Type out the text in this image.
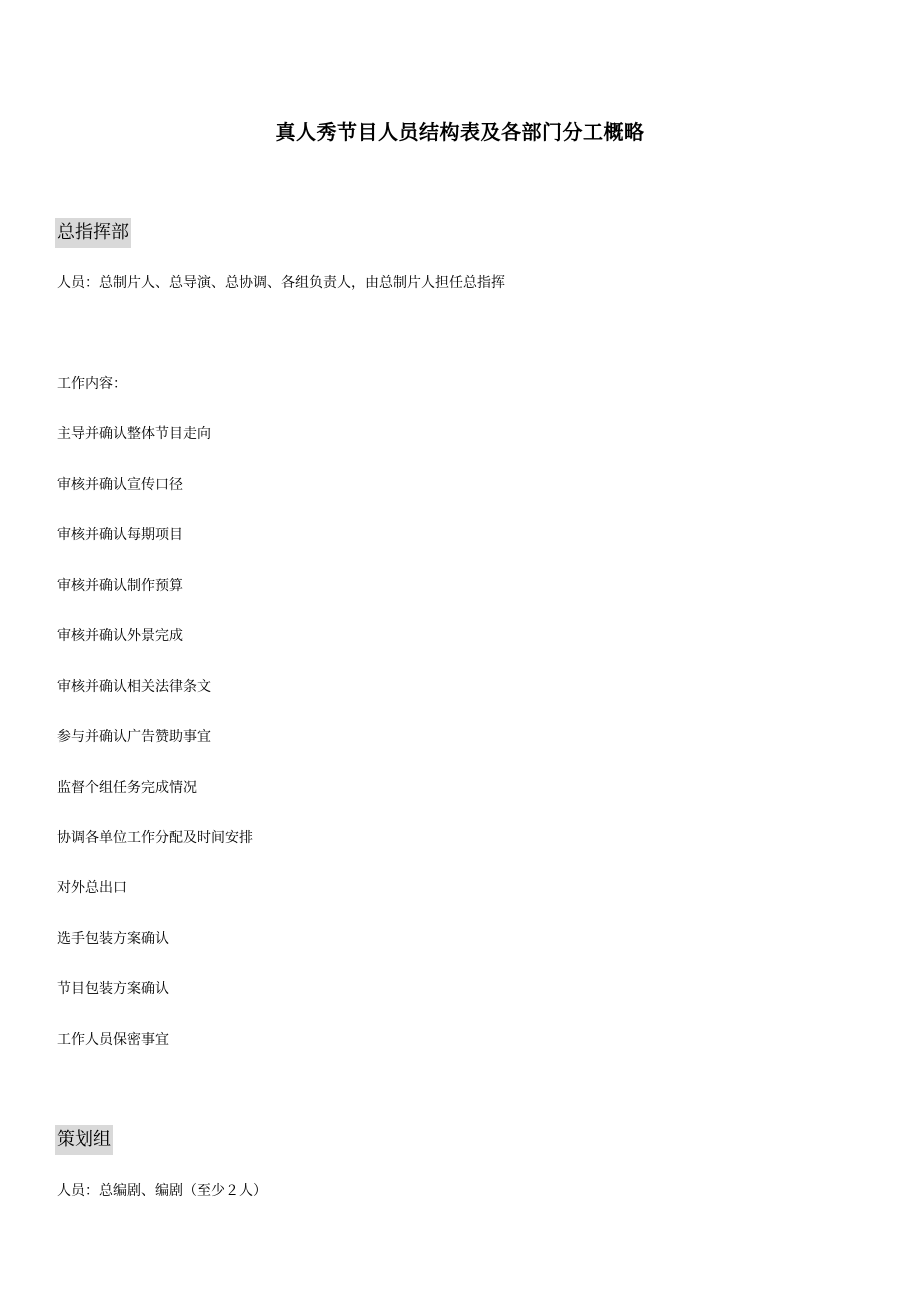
真人秀节目人员结构表及各部门分工概略
总指挥部
人员：总制片人、总导演、总协调、各组负责人，由总制片人担任总指挥
工作内容：
主导并确认整体节目走向
审核并确认宣传口径
审核并确认每期项目
审核并确认制作预算
审核并确认外景完成
审核并确认相关法律条文
参与并确认广告赞助事宜
监督个组任务完成情况
协调各单位工作分配及时间安排
对外总出口
选手包装方案确认
节目包装方案确认
工作人员保密事宜
策划组
人员：总编剧、编剧（至少２人）
